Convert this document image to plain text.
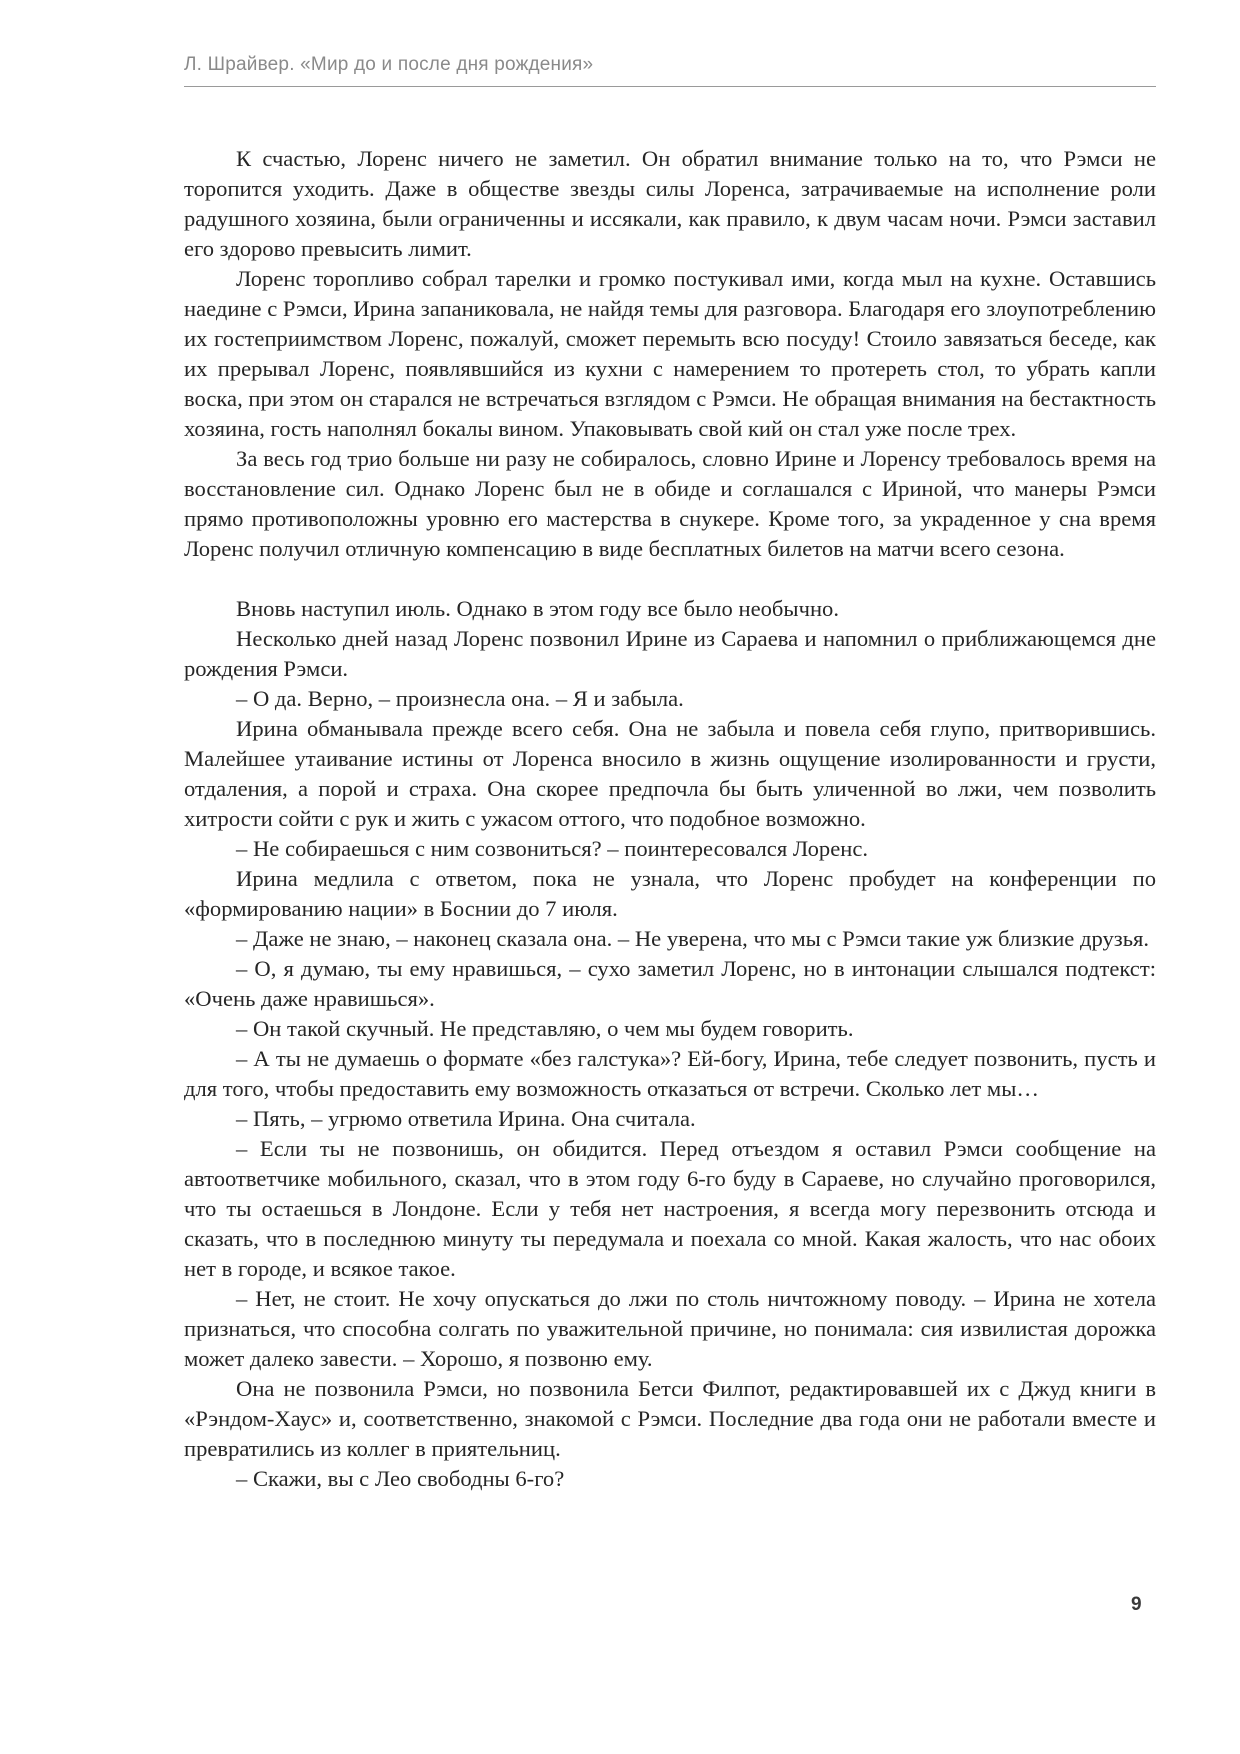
Л. Шрайвер. «Мир до и после дня рождения»

К счастью, Лоренс ничего не заметил. Он обратил внимание только на то, что Рэмси не торопится уходить. Даже в обществе звезды силы Лоренса, затрачиваемые на исполнение роли радушного хозяина, были ограниченны и иссякали, как правило, к двум часам ночи. Рэмси заставил его здорово превысить лимит.

Лоренс торопливо собрал тарелки и громко постукивал ими, когда мыл на кухне. Оставшись наедине с Рэмси, Ирина запаниковала, не найдя темы для разговора. Благодаря его злоупотреблению их гостеприимством Лоренс, пожалуй, сможет перемыть всю посуду! Стоило завязаться беседе, как их прерывал Лоренс, появлявшийся из кухни с намерением то протереть стол, то убрать капли воска, при этом он старался не встречаться взглядом с Рэмси. Не обращая внимания на бестактность хозяина, гость наполнял бокалы вином. Упаковывать свой кий он стал уже после трех.

За весь год трио больше ни разу не собиралось, словно Ирине и Лоренсу требовалось время на восстановление сил. Однако Лоренс был не в обиде и соглашался с Ириной, что манеры Рэмси прямо противоположны уровню его мастерства в снукере. Кроме того, за украденное у сна время Лоренс получил отличную компенсацию в виде бесплатных билетов на матчи всего сезона.

Вновь наступил июль. Однако в этом году все было необычно.

Несколько дней назад Лоренс позвонил Ирине из Сараева и напомнил о приближающемся дне рождения Рэмси.

– О да. Верно, – произнесла она. – Я и забыла.

Ирина обманывала прежде всего себя. Она не забыла и повела себя глупо, притворившись. Малейшее утаивание истины от Лоренса вносило в жизнь ощущение изолированности и грусти, отдаления, а порой и страха. Она скорее предпочла бы быть уличенной во лжи, чем позволить хитрости сойти с рук и жить с ужасом оттого, что подобное возможно.

– Не собираешься с ним созвониться? – поинтересовался Лоренс.

Ирина медлила с ответом, пока не узнала, что Лоренс пробудет на конференции по «формированию нации» в Боснии до 7 июля.

– Даже не знаю, – наконец сказала она. – Не уверена, что мы с Рэмси такие уж близкие друзья.

– О, я думаю, ты ему нравишься, – сухо заметил Лоренс, но в интонации слышался подтекст: «Очень даже нравишься».

– Он такой скучный. Не представляю, о чем мы будем говорить.

– А ты не думаешь о формате «без галстука»? Ей-богу, Ирина, тебе следует позвонить, пусть и для того, чтобы предоставить ему возможность отказаться от встречи. Сколько лет мы…

– Пять, – угрюмо ответила Ирина. Она считала.

– Если ты не позвонишь, он обидится. Перед отъездом я оставил Рэмси сообщение на автоответчике мобильного, сказал, что в этом году 6-го буду в Сараеве, но случайно проговорился, что ты остаешься в Лондоне. Если у тебя нет настроения, я всегда могу перезвонить отсюда и сказать, что в последнюю минуту ты передумала и поехала со мной. Какая жалость, что нас обоих нет в городе, и всякое такое.

– Нет, не стоит. Не хочу опускаться до лжи по столь ничтожному поводу. – Ирина не хотела признаться, что способна солгать по уважительной причине, но понимала: сия извилистая дорожка может далеко завести. – Хорошо, я позвоню ему.

Она не позвонила Рэмси, но позвонила Бетси Филпот, редактировавшей их с Джуд книги в «Рэндом-Хаус» и, соответственно, знакомой с Рэмси. Последние два года они не работали вместе и превратились из коллег в приятельниц.

– Скажи, вы с Лео свободны 6-го?

9
